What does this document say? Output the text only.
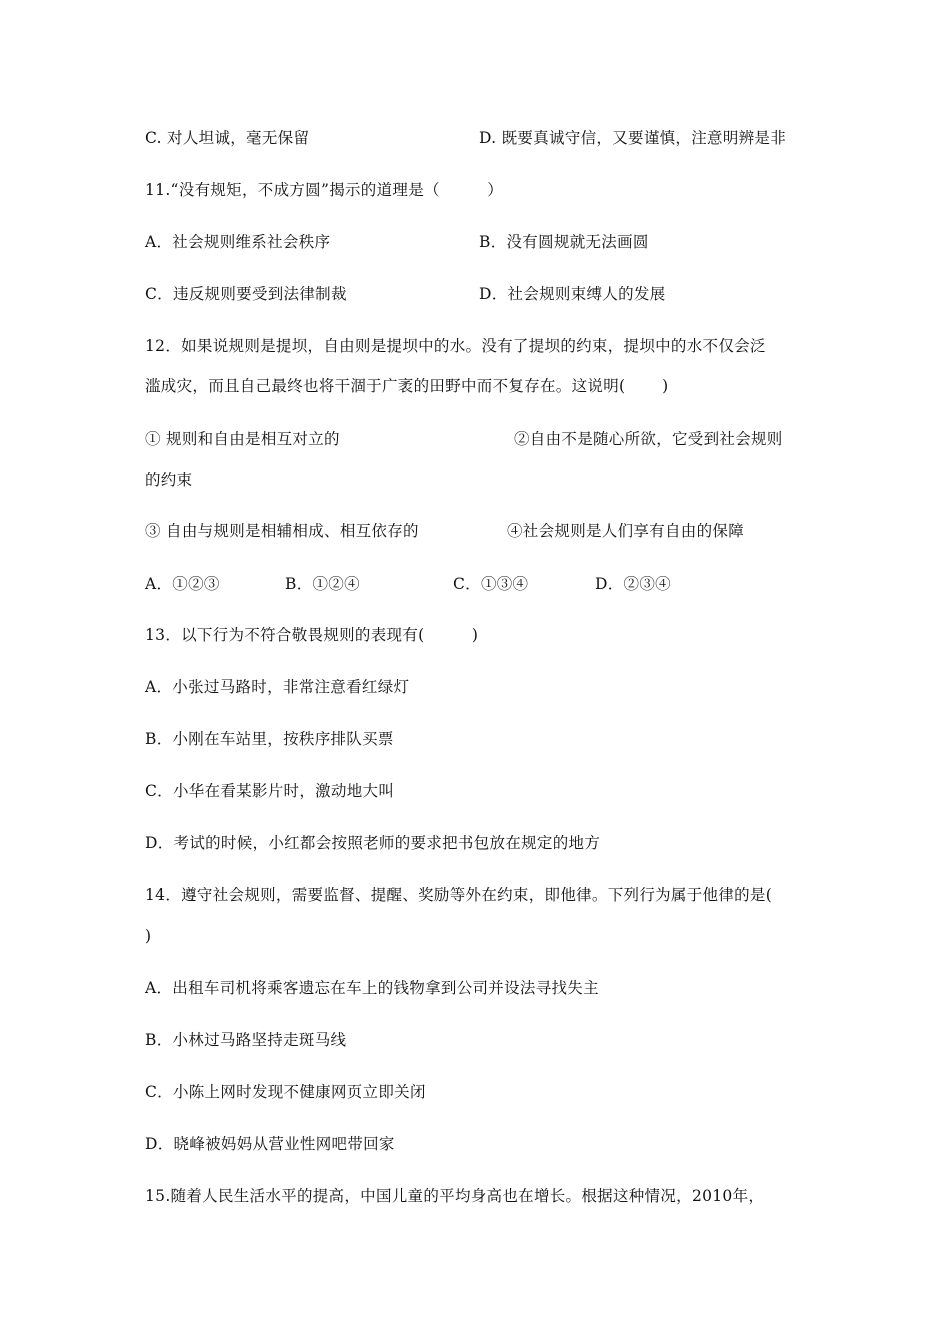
C. 对人坦诚，毫无保留	D. 既要真诚守信，又要谨慎，注意明辨是非
11.“没有规矩，不成方圆”揭示的道理是（　　　）
A．社会规则维系社会秩序	B．没有圆规就无法画圆
C．违反规则要受到法律制裁	D．社会规则束缚人的发展
12．如果说规则是提坝，自由则是提坝中的水。没有了提坝的约束，提坝中的水不仅会泛
滥成灾，而且自己最终也将干涸于广袤的田野中而不复存在。这说明(　　 )
① 规则和自由是相互对立的	②自由不是随心所欲，它受到社会规则
的约束
③ 自由与规则是相辅相成、相互依存的	④社会规则是人们享有自由的保障
A．①②③	B．①②④	C．①③④	D．②③④
13．以下行为不符合敬畏规则的表现有(　　　)
A．小张过马路时，非常注意看红绿灯
B．小刚在车站里，按秩序排队买票
C．小华在看某影片时，激动地大叫
D．考试的时候，小红都会按照老师的要求把书包放在规定的地方
14．遵守社会规则，需要监督、提醒、奖励等外在约束，即他律。下列行为属于他律的是(
)
A．出租车司机将乘客遗忘在车上的钱物拿到公司并设法寻找失主
B．小林过马路坚持走斑马线
C．小陈上网时发现不健康网页立即关闭
D．晓峰被妈妈从营业性网吧带回家
15.随着人民生活水平的提高，中国儿童的平均身高也在增长。根据这种情况，2010年，
